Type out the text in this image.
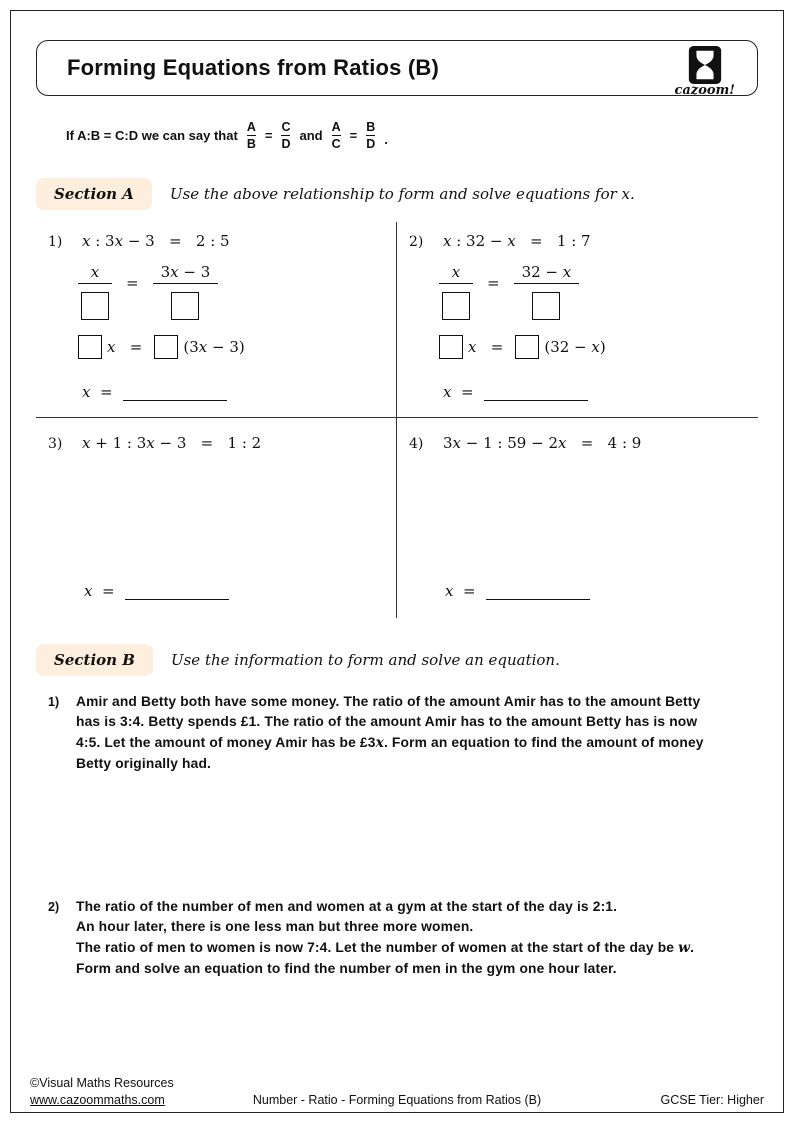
Forming Equations from Ratios (B)
cazoom!
If A:B = C:D we can say that
A
B
=
C
D
and
A
C
=
B
D .
Section A	Use the above relationship to form and solve equations for x.
1)	x : 3x − 3   =   2 : 5
x
=
3x − 3
x   =	(3x − 3)
x  =
2)	x : 32 − x   =   1 : 7
x
=
32 − x
x   =	(32 − x)
x  =
3)	x + 1 : 3x − 3   =   1 : 2
x  =
4)	3x − 1 : 59 − 2x   =   4 : 9
x  =
Section B	Use the information to form and solve an equation.
1)	Amir and Betty both have some money. The ratio of the amount Amir has to the amount Betty
has is 3:4. Betty spends £1. The ratio of the amount Amir has to the amount Betty has is now
4:5. Let the amount of money Amir has be £3x. Form an equation to find the amount of money
Betty originally had.
2)	The ratio of the number of men and women at a gym at the start of the day is 2:1.
An hour later, there is one less man but three more women.
The ratio of men to women is now 7:4. Let the number of women at the start of the day be w.
Form and solve an equation to find the number of men in the gym one hour later.
©Visual Maths Resources
www.cazoommaths.com	Number - Ratio - Forming Equations from Ratios (B)	GCSE Tier: Higher
